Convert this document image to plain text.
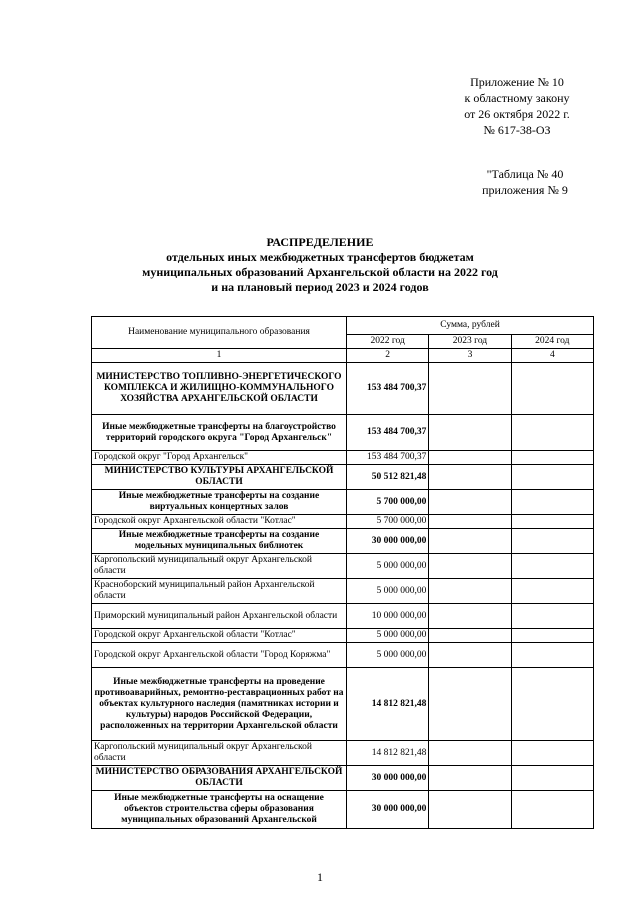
Приложение № 10
к областному закону
от 26 октября 2022 г.
№ 617-38-ОЗ
"Таблица № 40
приложения № 9
РАСПРЕДЕЛЕНИЕ
отдельных иных межбюджетных трансфертов бюджетам
муниципальных образований Архангельской области на 2022 год
и на плановый период 2023 и 2024 годов
Наименование муниципального образования	Сумма, рублей		
	2022 год	2023 год	2024 год
1	2	3	4
МИНИСТЕРСТВО ТОПЛИВНО-ЭНЕРГЕТИЧЕСКОГО КОМПЛЕКСА И ЖИЛИЩНО-КОММУНАЛЬНОГО ХОЗЯЙСТВА АРХАНГЕЛЬСКОЙ ОБЛАСТИ	153 484 700,37		
Иные межбюджетные трансферты на благоустройство территорий городского округа "Город Архангельск"	153 484 700,37		
Городской округ "Город Архангельск"	153 484 700,37		
МИНИСТЕРСТВО КУЛЬТУРЫ АРХАНГЕЛЬСКОЙ ОБЛАСТИ	50 512 821,48		
Иные межбюджетные трансферты на создание виртуальных концертных залов	5 700 000,00		
Городской округ Архангельской области "Котлас"	5 700 000,00		
Иные межбюджетные трансферты на создание модельных муниципальных библиотек	30 000 000,00		
Каргопольский муниципальный округ Архангельской области	5 000 000,00		
Красноборский муниципальный район Архангельской области	5 000 000,00		
Приморский муниципальный район Архангельской области	10 000 000,00		
Городской округ Архангельской области "Котлас"	5 000 000,00		
Городской округ Архангельской области "Город Коряжма"	5 000 000,00		
Иные межбюджетные трансферты на проведение противоаварийных, ремонтно-реставрационных работ на объектах культурного наследия (памятниках истории и культуры) народов Российской Федерации, расположенных на территории Архангельской области	14 812 821,48		
Каргопольский муниципальный округ Архангельской области	14 812 821,48		
МИНИСТЕРСТВО ОБРАЗОВАНИЯ АРХАНГЕЛЬСКОЙ ОБЛАСТИ	30 000 000,00		
Иные межбюджетные трансферты на оснащение объектов строительства сферы образования муниципальных образований Архангельской	30 000 000,00		
1
